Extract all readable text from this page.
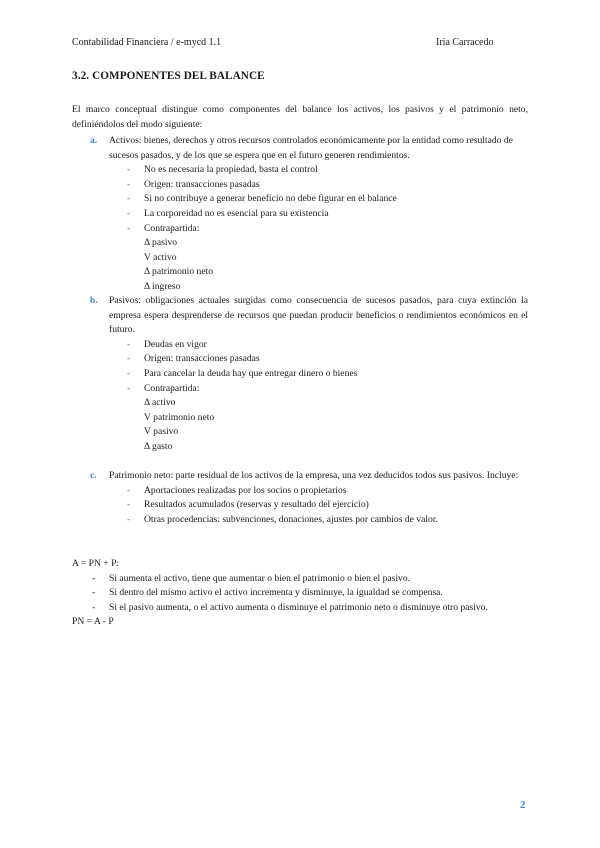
Contabilidad Financiera / e-mycd 1.1	Iria Carracedo
3.2. COMPONENTES DEL BALANCE

El marco conceptual distingue como componentes del balance los activos, los pasivos y el patrimonio neto, definiéndolos del modo siguiente:

a. Activos: bienes, derechos y otros recursos controlados económicamente por la entidad como resultado de sucesos pasados, y de los que se espera que en el futuro generen rendimientos.

- No es necesaria la propiedad, basta el control
- Origen: transacciones pasadas
- Si no contribuye a generar beneficio no debe figurar en el balance
- La corporeidad no es esencial para su existencia
- Contrapartida:
Δ pasivo
V activo
Δ patrimonio neto
Δ ingreso
b. Pasivos: obligaciones actuales surgidas como consecuencia de sucesos pasados, para cuya extinción la empresa espera desprenderse de recursos que puedan producir beneficios o rendimientos económicos en el futuro.

- Deudas en vigor
- Origen: transacciones pasadas
- Para cancelar la deuda hay que entregar dinero o bienes
- Contrapartida:
Δ activo
V patrimonio neto
V pasivo
Δ gasto
c. Patrimonio neto: parte residual de los activos de la empresa, una vez deducidos todos sus pasivos. Incluye:

- Aportaciones realizadas por los socios o propietarios
- Resultados acumulados (reservas y resultado del ejercicio)
- Otras procedencias: subvenciones, donaciones, ajustes por cambios de valor.

A = PN + P:

- Si aumenta el activo, tiene que aumentar o bien el patrimonio o bien el pasivo.
- Si dentro del mismo activo el activo incrementa y disminuye, la igualdad se compensa.
- Si el pasivo aumenta, o el activo aumenta o disminuye el patrimonio neto o disminuye otro pasivo.

PN = A - P

2
